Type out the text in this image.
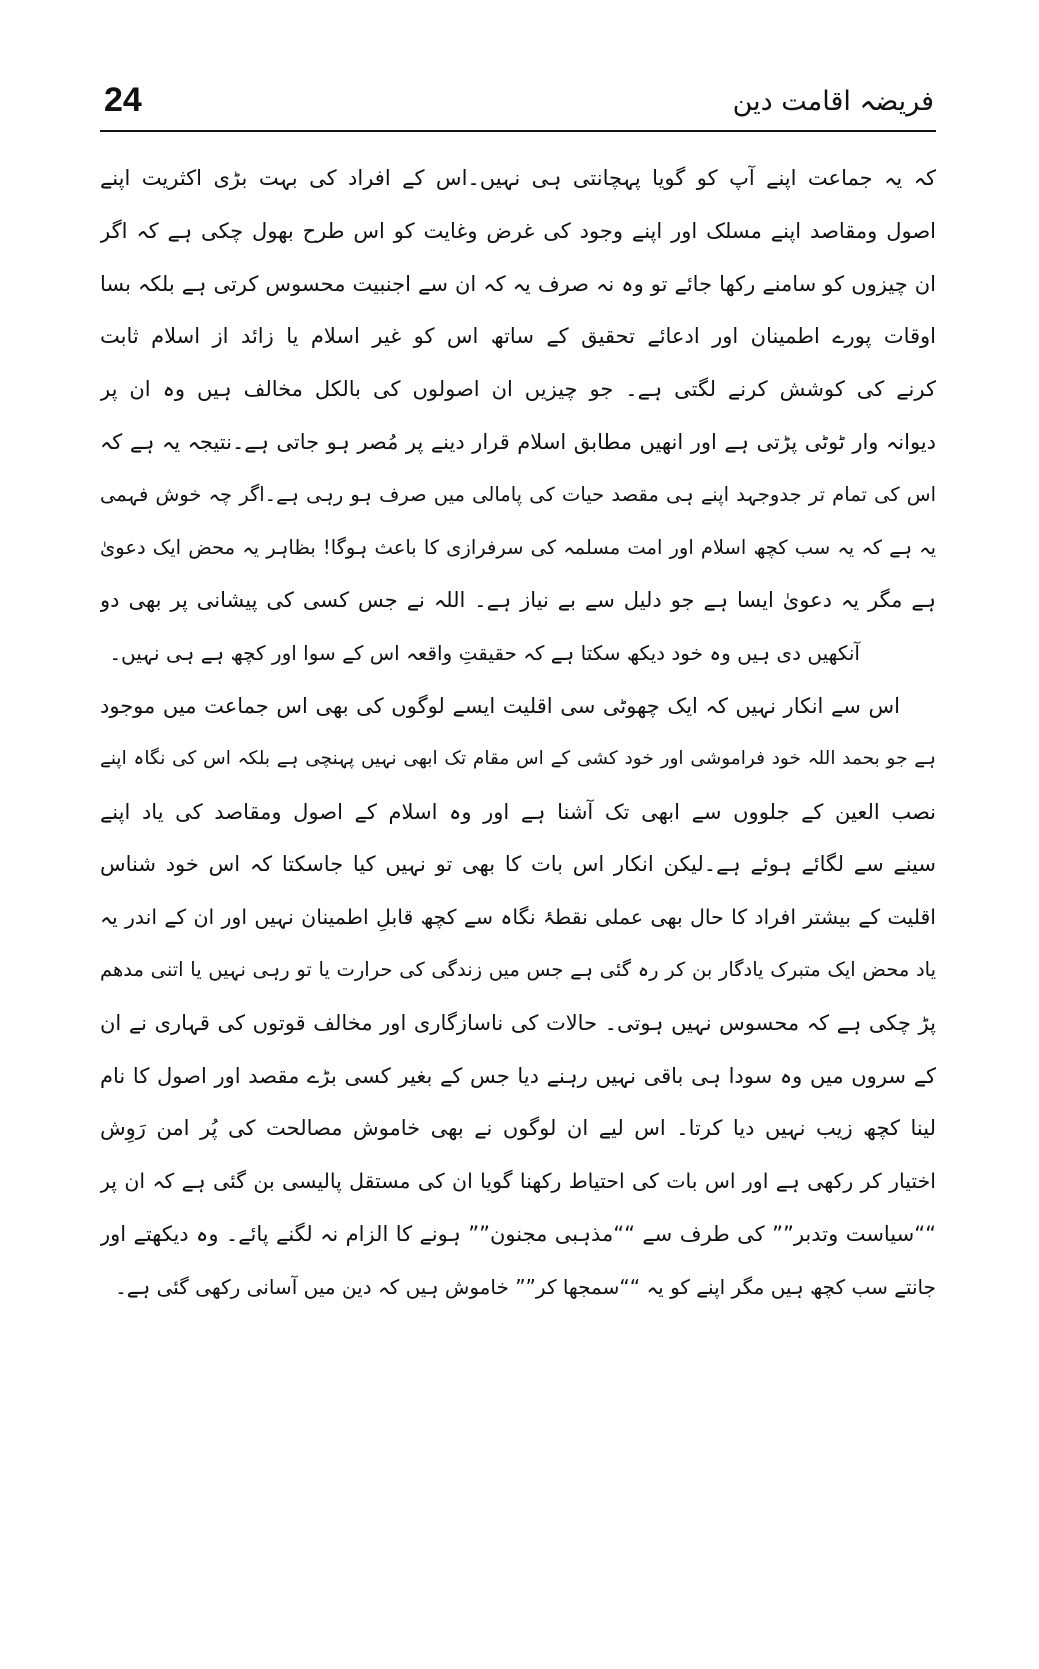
24	فریضہ اقامت دین
کہ یہ جماعت اپنے آپ کو گویا پہچانتی ہی نہیں۔اس کے افراد کی بہت بڑی اکثریت اپنے
اصول ومقاصد اپنے مسلک اور اپنے وجود کی غرض وغایت کو اس طرح بھول چکی ہے کہ اگر
ان چیزوں کو سامنے رکھا جائے تو وہ نہ صرف یہ کہ ان سے اجنبیت محسوس کرتی ہے بلکہ بسا
اوقات پورے اطمینان اور ادعائے تحقیق کے ساتھ اس کو غیر اسلام یا زائد از اسلام ثابت
کرنے کی کوشش کرنے لگتی ہے۔ جو چیزیں ان اصولوں کی بالکل مخالف ہیں وہ ان پر
دیوانہ وار ٹوٹی پڑتی ہے اور انھیں مطابق اسلام قرار دینے پر مُصر ہو جاتی ہے۔نتیجہ یہ ہے کہ
اس کی تمام تر جدوجہد اپنے ہی مقصد حیات کی پامالی میں صرف ہو رہی ہے۔اگر چہ خوش فہمی
یہ ہے کہ یہ سب کچھ اسلام اور امت مسلمہ کی سرفرازی کا باعث ہوگا! بظاہر یہ محض ایک دعویٰ
ہے مگر یہ دعویٰ ایسا ہے جو دلیل سے بے نیاز ہے۔ اللہ نے جس کسی کی پیشانی پر بھی دو
آنکھیں دی ہیں وہ خود دیکھ سکتا ہے کہ حقیقتِ واقعہ اس کے سوا اور کچھ ہے ہی نہیں۔
اس سے انکار نہیں کہ ایک چھوٹی سی اقلیت ایسے لوگوں کی بھی اس جماعت میں موجود
ہے جو بحمد اللہ خود فراموشی اور خود کشی کے اس مقام تک ابھی نہیں پہنچی ہے بلکہ اس کی نگاہ اپنے
نصب العین کے جلووں سے ابھی تک آشنا ہے اور وہ اسلام کے اصول ومقاصد کی یاد اپنے
سینے سے لگائے ہوئے ہے۔لیکن انکار اس بات کا بھی تو نہیں کیا جاسکتا کہ اس خود شناس
اقلیت کے بیشتر افراد کا حال بھی عملی نقطۂ نگاہ سے کچھ قابلِ اطمینان نہیں اور ان کے اندر یہ
یاد محض ایک متبرک یادگار بن کر رہ گئی ہے جس میں زندگی کی حرارت یا تو رہی نہیں یا اتنی مدھم
پڑ چکی ہے کہ محسوس نہیں ہوتی۔ حالات کی ناسازگاری اور مخالف قوتوں کی قہاری نے ان
کے سروں میں وہ سودا ہی باقی نہیں رہنے دیا جس کے بغیر کسی بڑے مقصد اور اصول کا نام
لینا کچھ زیب نہیں دیا کرتا۔ اس لیے ان لوگوں نے بھی خاموش مصالحت کی پُر امن رَوِش
اختیار کر رکھی ہے اور اس بات کی احتیاط رکھنا گویا ان کی مستقل پالیسی بن گئی ہے کہ ان پر
““سیاست وتدبر”” کی طرف سے ““مذہبی مجنون”” ہونے کا الزام نہ لگنے پائے۔ وہ دیکھتے اور
جانتے سب کچھ ہیں مگر اپنے کو یہ ““سمجھا کر”” خاموش ہیں کہ دین میں آسانی رکھی گئی ہے۔
